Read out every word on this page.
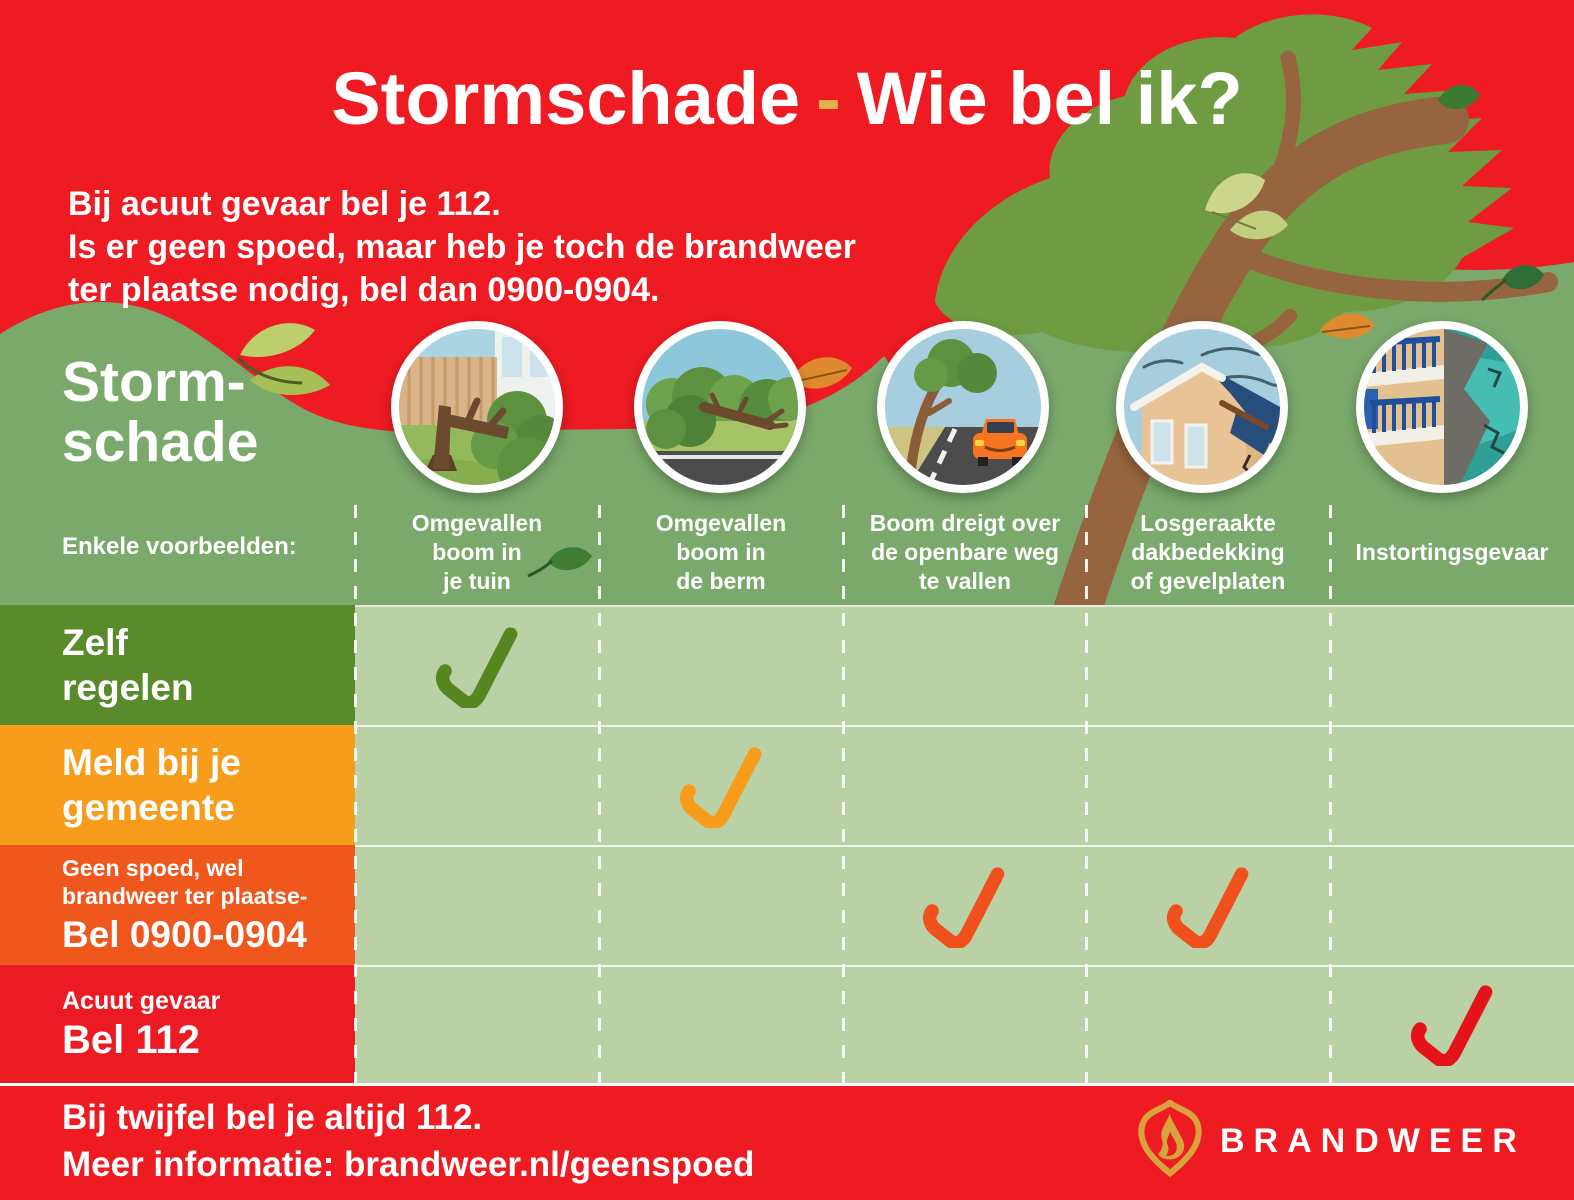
Stormschade - Wie bel ik?
Bij acuut gevaar bel je 112.
Is er geen spoed, maar heb je toch de brandweer
ter plaatse nodig, bel dan 0900-0904.
Storm-
schade
Enkele voorbeelden:
Omgevallen
boom in
je tuin
Omgevallen
boom in
de berm
Boom dreigt over
de openbare weg
te vallen
Losgeraakte
dakbedekking
of gevelplaten
Instortingsgevaar
Zelf
regelen
Meld bij je
gemeente
Geen spoed, wel
brandweer ter plaatse-
Bel 0900-0904
Acuut gevaar
Bel 112
Bij twijfel bel je altijd 112.
Meer informatie: brandweer.nl/geenspoed
BRANDWEER
